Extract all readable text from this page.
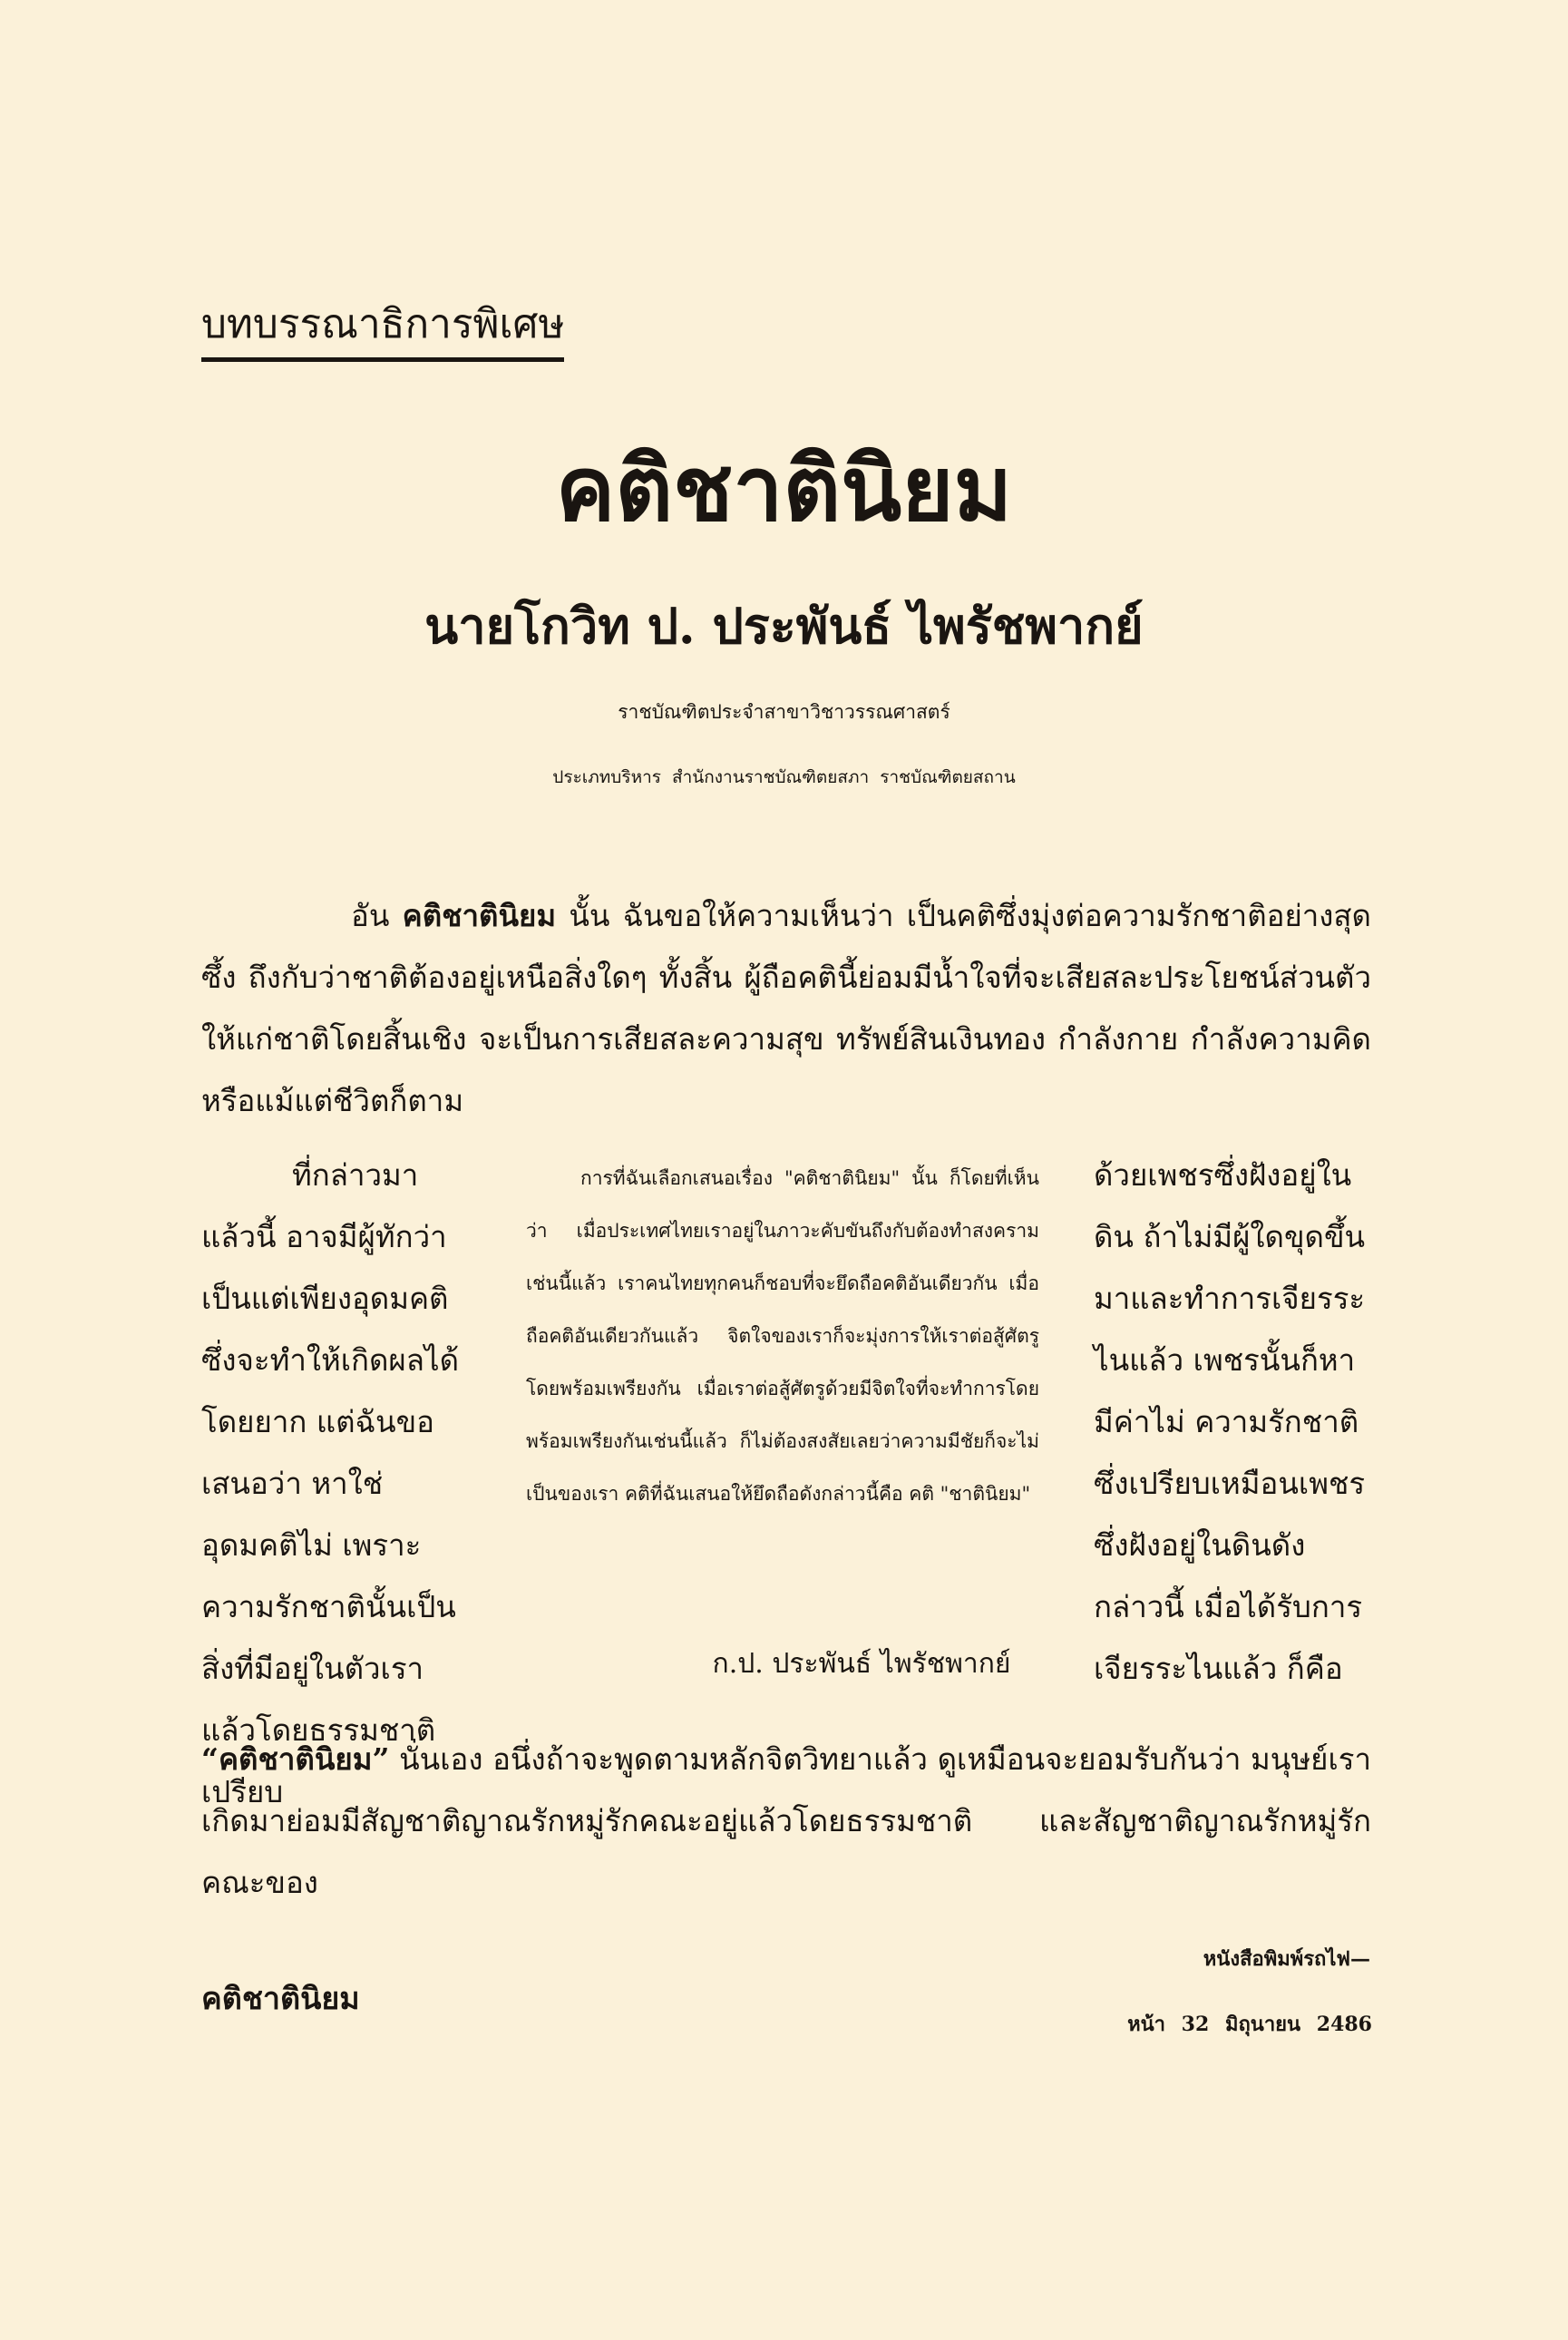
บทบรรณาธิการพิเศษ
คติชาตินิยม
นายโกวิท ป. ประพันธ์ ไพรัชพากย์
ราชบัณฑิตประจำสาขาวิชาวรรณศาสตร์
ประเภทบริหาร สำนักงานราชบัณฑิตยสภา ราชบัณฑิตยสถาน
อัน คติชาตินิยม นั้น ฉันขอให้ความเห็นว่า เป็นคติซึ่งมุ่งต่อความรักชาติอย่างสุดซึ้ง ถึงกับว่าชาติต้องอยู่เหนือสิ่งใดๆ ทั้งสิ้น ผู้ถือคตินี้ย่อมมีน้ำใจที่จะเสียสละประโยชน์ส่วนตัวให้แก่ชาติโดยสิ้นเชิง จะเป็นการเสียสละความสุข ทรัพย์สินเงินทอง กำลังกาย กำลังความคิด หรือแม้แต่ชีวิตก็ตาม

ที่กล่าวมาแล้วนี้ อาจมีผู้ทักว่า เป็นแต่เพียงอุดมคติ ซึ่งจะทำให้เกิดผลได้โดยยาก แต่ฉันขอเสนอว่า หาใช่อุดมคติไม่ เพราะความรักชาตินั้นเป็นสิ่งที่มีอยู่ในตัวเราแล้วโดยธรรมชาติ เปรียบ

การที่ฉันเลือกเสนอเรื่อง "คติชาตินิยม" นั้น ก็โดยที่เห็นว่า เมื่อประเทศไทยเราอยู่ในภาวะคับขันถึงกับต้องทำสงครามเช่นนี้แล้ว เราคนไทยทุกคนก็ชอบที่จะยึดถือคติอันเดียวกัน เมื่อถือคติอันเดียวกันแล้ว จิตใจของเราก็จะมุ่งการให้เราต่อสู้ศัตรูโดยพร้อมเพรียงกัน เมื่อเราต่อสู้ศัตรูด้วยมีจิตใจที่จะทำการโดยพร้อมเพรียงกันเช่นนี้แล้ว ก็ไม่ต้องสงสัยเลยว่าความมีชัยก็จะไม่เป็นของเรา คติที่ฉันเสนอให้ยึดถือดังกล่าวนี้คือ คติ "ชาตินิยม"

ก.ป. ประพันธ์ ไพรัชพากย์

ด้วยเพชรซึ่งฝังอยู่ในดิน ถ้าไม่มีผู้ใดขุดขึ้นมาและทำการเจียรระไนแล้ว เพชรนั้นก็หามีค่าไม่ ความรักชาติซึ่งเปรียบเหมือนเพชรซึ่งฝังอยู่ในดินดังกล่าวนี้ เมื่อได้รับการเจียรระไนแล้ว ก็คือ

“คติชาตินิยม” นั่นเอง อนึ่งถ้าจะพูดตามหลักจิตวิทยาแล้ว ดูเหมือนจะยอมรับกันว่า มนุษย์เราเกิดมาย่อมมีสัญชาติญาณรักหมู่รักคณะอยู่แล้วโดยธรรมชาติ และสัญชาติญาณรักหมู่รักคณะของ
คติชาตินิยม
หนังสือพิมพ์รถไฟ—
หน้า 32 มิถุนายน 2486
